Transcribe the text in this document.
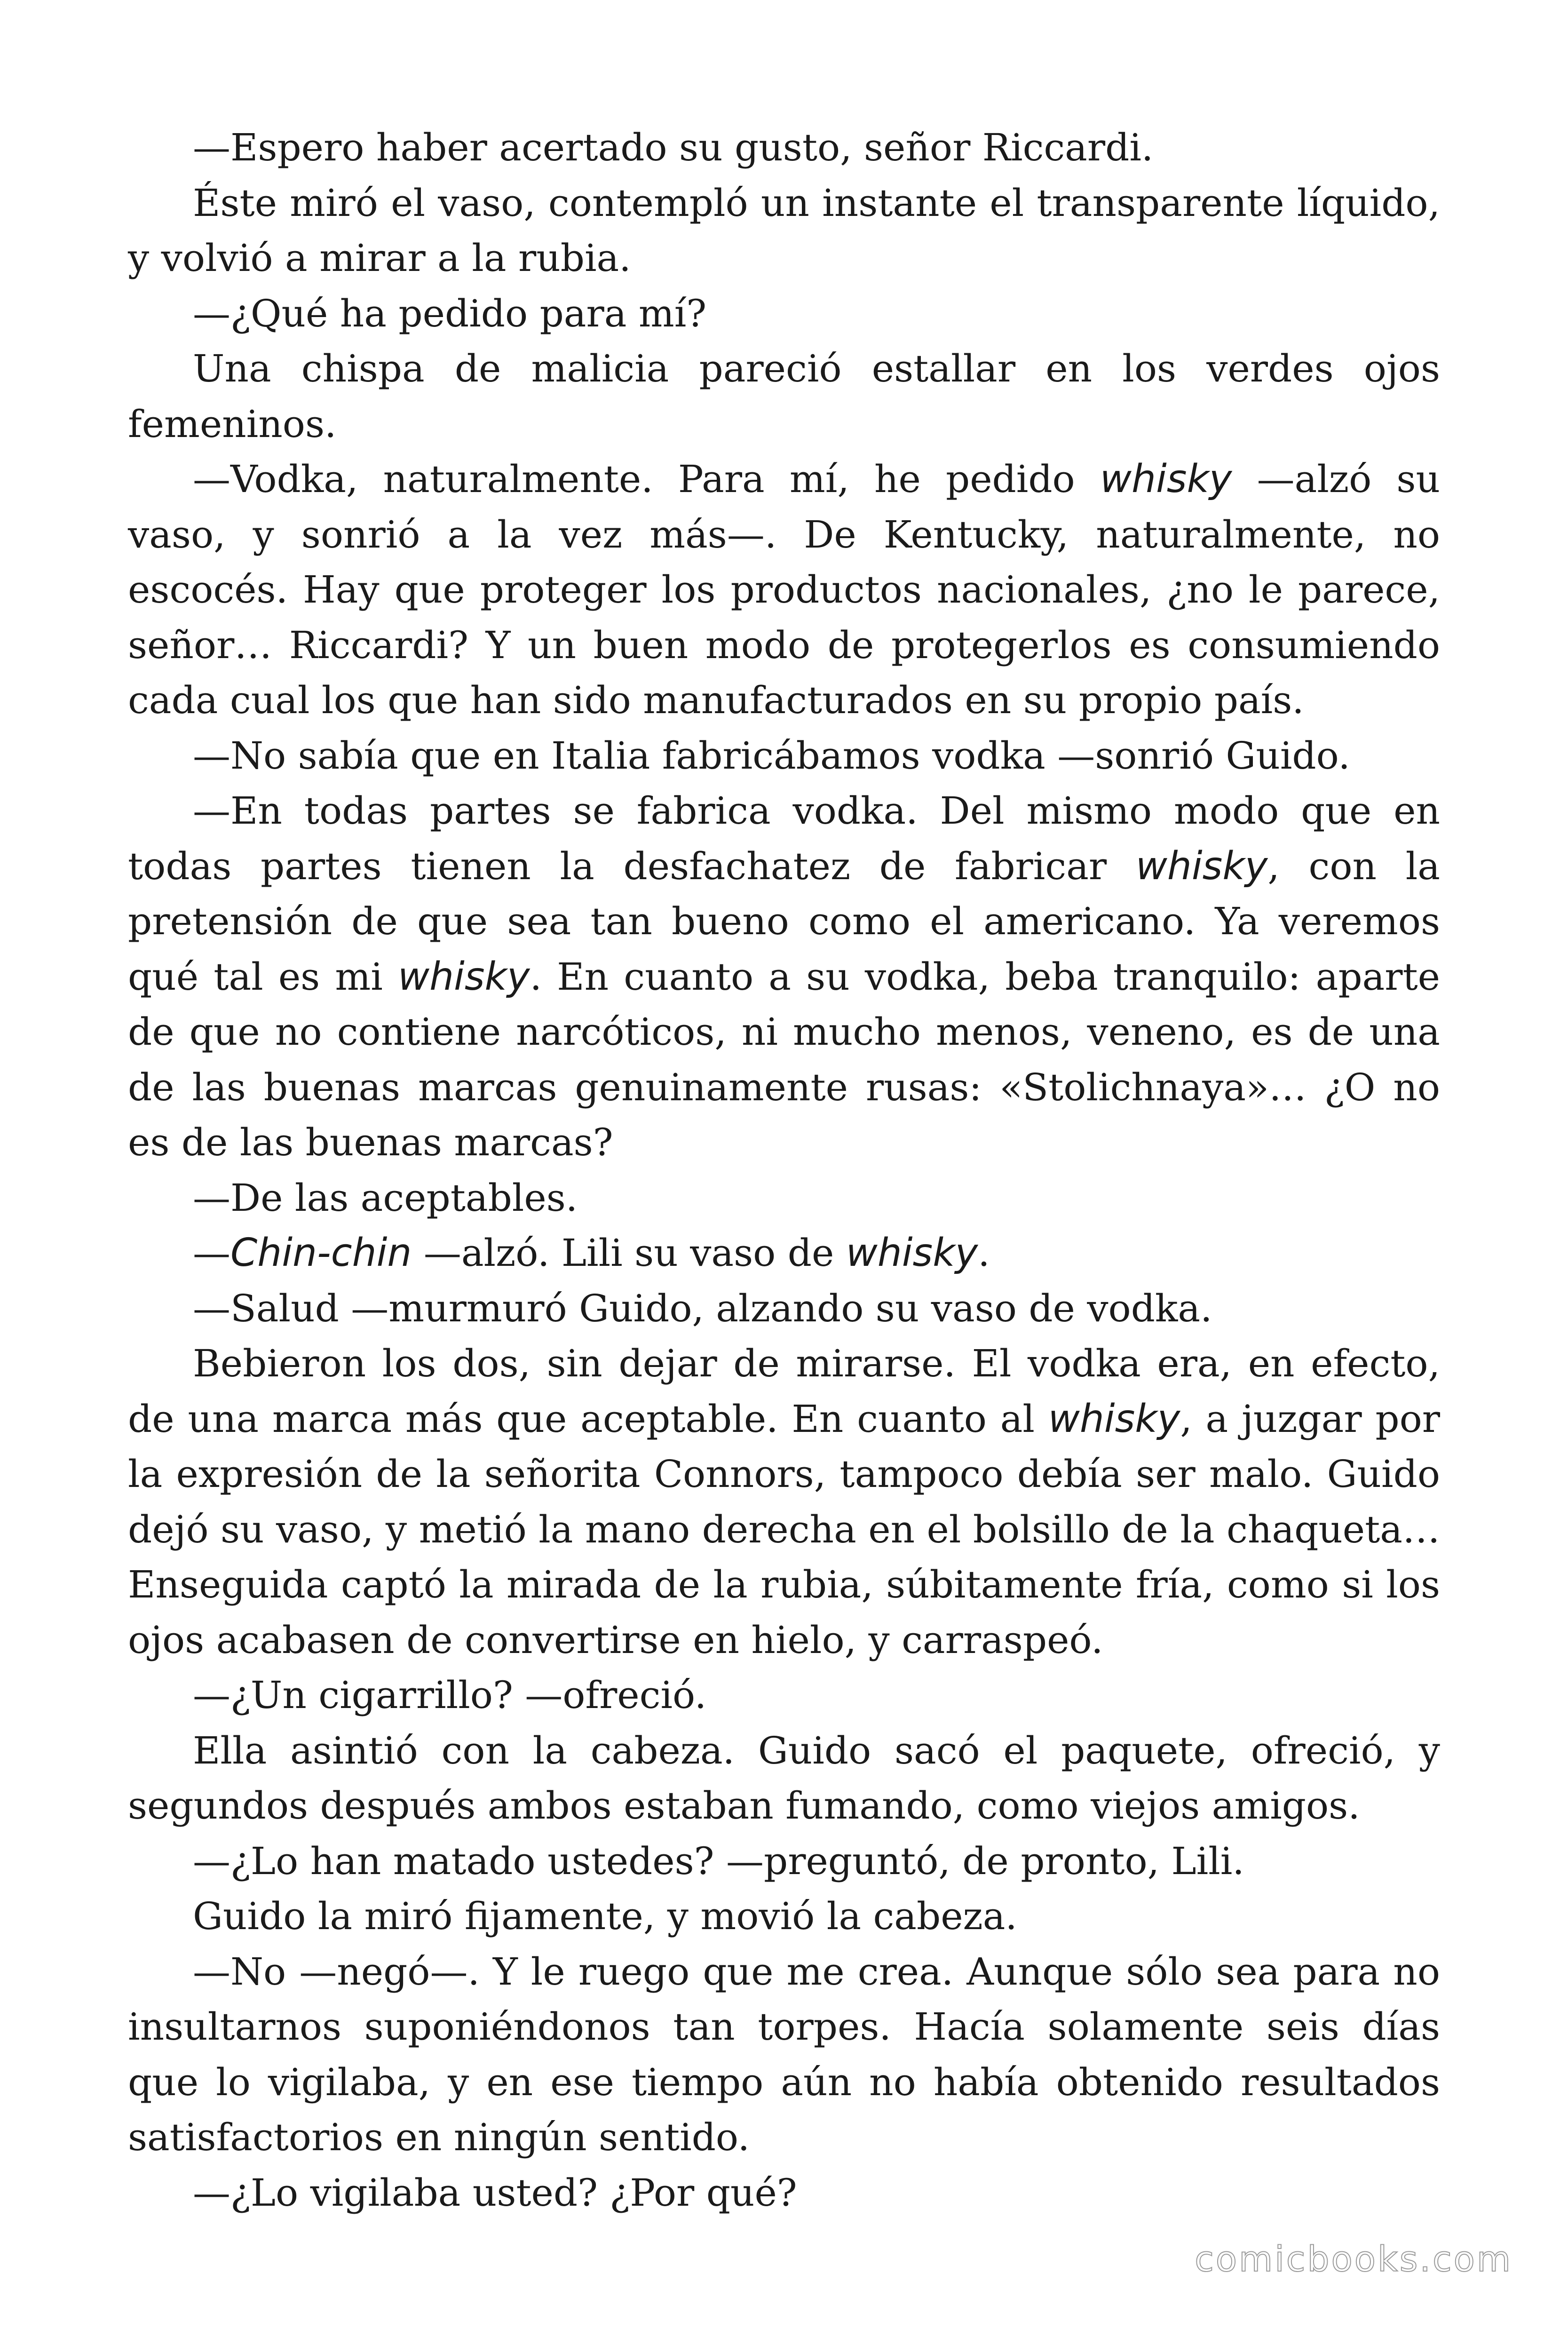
—Espero haber acertado su gusto, señor Riccardi.

Éste miró el vaso, contempló un instante el transparente líquido, y volvió a mirar a la rubia.

—¿Qué ha pedido para mí?

Una chispa de malicia pareció estallar en los verdes ojos femeninos.

—Vodka, naturalmente. Para mí, he pedido whisky —alzó su vaso, y sonrió a la vez más—. De Kentucky, naturalmente, no escocés. Hay que proteger los productos nacionales, ¿no le parece, señor… Riccardi? Y un buen modo de protegerlos es consumiendo cada cual los que han sido manufacturados en su propio país.

—No sabía que en Italia fabricábamos vodka —sonrió Guido.

—En todas partes se fabrica vodka. Del mismo modo que en todas partes tienen la desfachatez de fabricar whisky, con la pretensión de que sea tan bueno como el americano. Ya veremos qué tal es mi whisky. En cuanto a su vodka, beba tranquilo: aparte de que no contiene narcóticos, ni mucho menos, veneno, es de una de las buenas marcas genuinamente rusas: «Stolichnaya»… ¿O no es de las buenas marcas?

—De las aceptables.

—Chin-chin —alzó. Lili su vaso de whisky.

—Salud —murmuró Guido, alzando su vaso de vodka.

Bebieron los dos, sin dejar de mirarse. El vodka era, en efecto, de una marca más que aceptable. En cuanto al whisky, a juzgar por la expresión de la señorita Connors, tampoco debía ser malo. Guido dejó su vaso, y metió la mano derecha en el bolsillo de la chaqueta… Enseguida captó la mirada de la rubia, súbitamente fría, como si los ojos acabasen de convertirse en hielo, y carraspeó.

—¿Un cigarrillo? —ofreció.

Ella asintió con la cabeza. Guido sacó el paquete, ofreció, y segundos después ambos estaban fumando, como viejos amigos.

—¿Lo han matado ustedes? —preguntó, de pronto, Lili.

Guido la miró fijamente, y movió la cabeza.

—No —negó—. Y le ruego que me crea. Aunque sólo sea para no insultarnos suponiéndonos tan torpes. Hacía solamente seis días que lo vigilaba, y en ese tiempo aún no había obtenido resultados satisfactorios en ningún sentido.

—¿Lo vigilaba usted? ¿Por qué?

comicbooks.com
